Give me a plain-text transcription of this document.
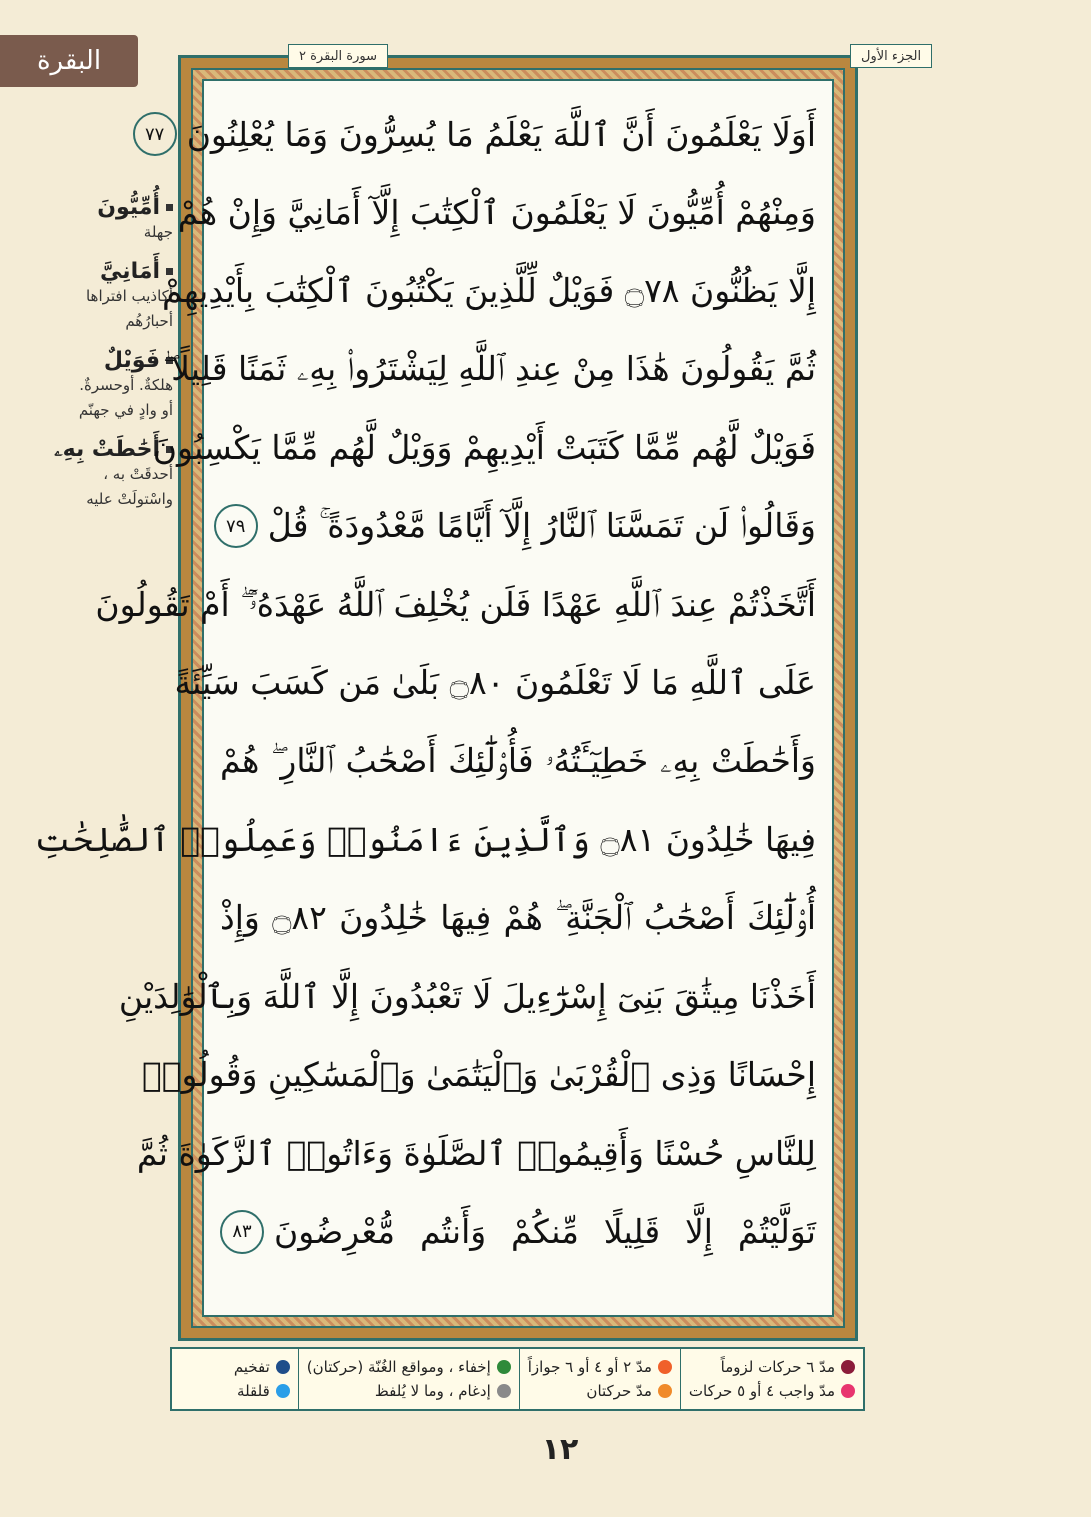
البقرة
أُمِّيُّونَ
جهلة
أَمَانِيَّ
أكاذيب افتراها
أحبارُهُم
فَوَيْلٌ
هلكةٌ. أوحسرةٌ.
أو وادٍ في جهنّم
أَحَٰطَتْ بِهِۦ
أحدقَتْ به ،
واسْتولَتْ عليه
أَوَلَا يَعْلَمُونَ أَنَّ ٱللَّهَ يَعْلَمُ مَا يُسِرُّونَ وَمَا يُعْلِنُونَ
٧٧
وَمِنْهُمْ أُمِّيُّونَ لَا يَعْلَمُونَ ٱلْكِتَٰبَ إِلَّآ أَمَانِيَّ وَإِنْ هُمْ
إِلَّا يَظُنُّونَ ۝٧٨ فَوَيْلٌ لِّلَّذِينَ يَكْتُبُونَ ٱلْكِتَٰبَ بِأَيْدِيهِمْ
ثُمَّ يَقُولُونَ هَٰذَا مِنْ عِندِ ٱللَّهِ لِيَشْتَرُوا۟ بِهِۦ ثَمَنًا قَلِيلًا ۖ
فَوَيْلٌ لَّهُم مِّمَّا كَتَبَتْ أَيْدِيهِمْ وَوَيْلٌ لَّهُم مِّمَّا يَكْسِبُونَ
وَقَالُوا۟ لَن تَمَسَّنَا ٱلنَّارُ إِلَّآ أَيَّامًا مَّعْدُودَةً ۚ قُلْ
٧٩
أَتَّخَذْتُمْ عِندَ ٱللَّهِ عَهْدًا فَلَن يُخْلِفَ ٱللَّهُ عَهْدَهُۥٓ ۖ أَمْ تَقُولُونَ
عَلَى ٱللَّهِ مَا لَا تَعْلَمُونَ ۝٨٠ بَلَىٰ مَن كَسَبَ سَيِّئَةً
وَأَحَٰطَتْ بِهِۦ خَطِيٓـَٔتُهُۥ فَأُو۟لَٰٓئِكَ أَصْحَٰبُ ٱلنَّارِ ۖ هُمْ
فِيهَا خَٰلِدُونَ ۝٨١ وَٱلَّذِينَ ءَامَنُوا۟ وَعَمِلُوا۟ ٱلصَّٰلِحَٰتِ
أُو۟لَٰٓئِكَ أَصْحَٰبُ ٱلْجَنَّةِ ۖ هُمْ فِيهَا خَٰلِدُونَ ۝٨٢ وَإِذْ
أَخَذْنَا مِيثَٰقَ بَنِىٓ إِسْرَٰٓءِيلَ لَا تَعْبُدُونَ إِلَّا ٱللَّهَ وَبِٱلْوَٰلِدَيْنِ
إِحْسَانًا وَذِى ٱلْقُرْبَىٰ وَٱلْيَتَٰمَىٰ وَٱلْمَسَٰكِينِ وَقُولُوا۟
لِلنَّاسِ حُسْنًا وَأَقِيمُوا۟ ٱلصَّلَوٰةَ وَءَاتُوا۟ ٱلزَّكَوٰةَ ثُمَّ
تَوَلَّيْتُمْ إِلَّا قَلِيلًا مِّنكُمْ وَأَنتُم مُّعْرِضُونَ
٨٣
سورة البقرة ٢	الجزء الأول
مدّ ٦ حركات لزوماً
مدّ واجب ٤ أو ٥ حركات
مدّ ٢ أو ٤ أو ٦ جوازاً
مدّ حركتان
إخفاء ، ومواقع الغُنّة (حركتان)
إدغام ، وما لا يُلفظ
تفخيم
قلقلة
١٢
